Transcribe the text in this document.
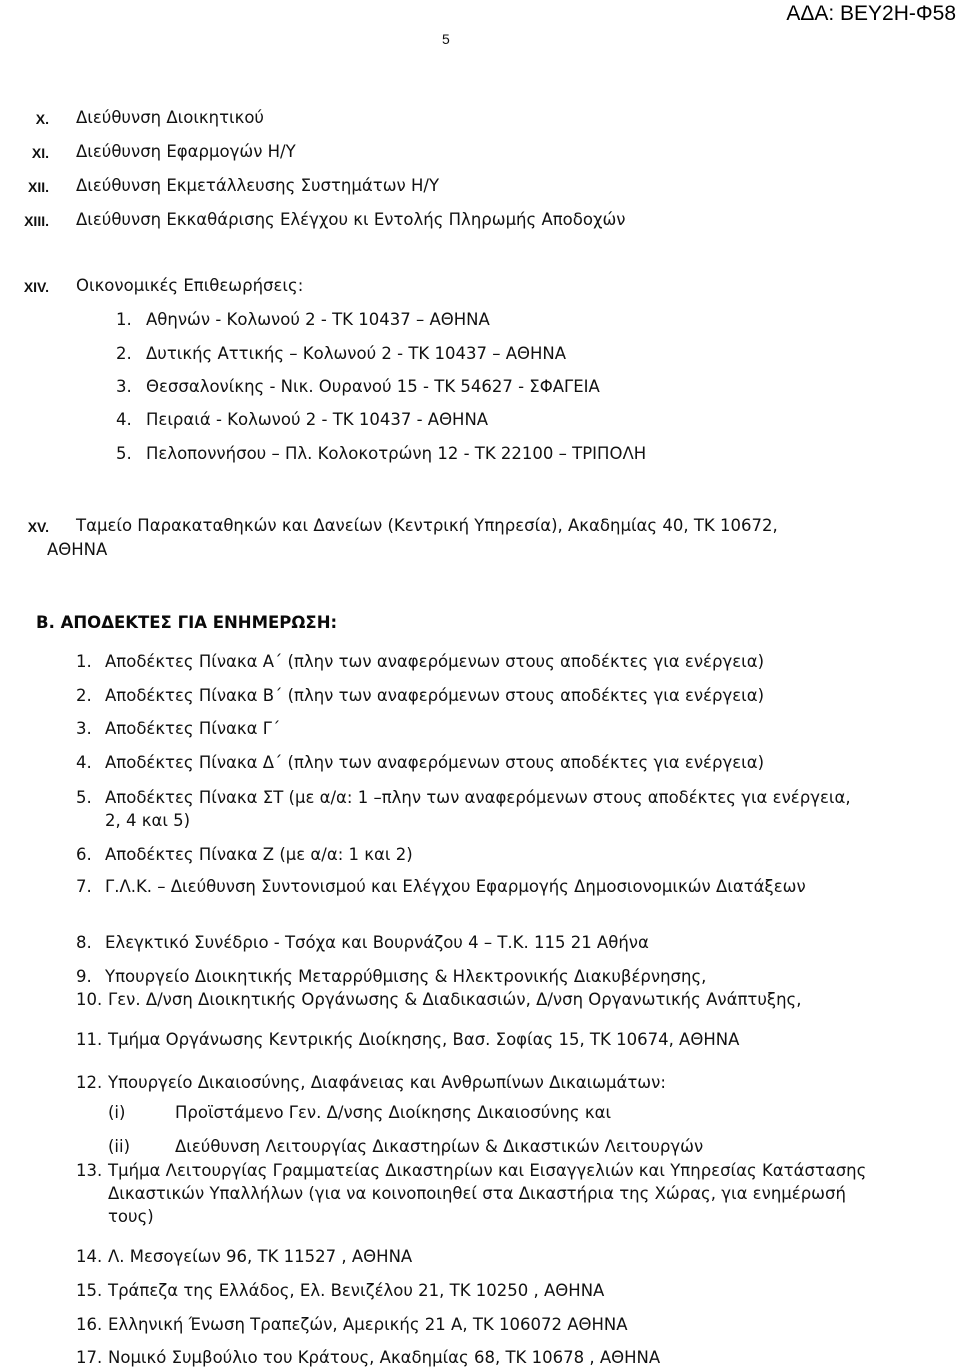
ΑΔΑ: ΒΕΥ2Η-Φ58
5
X. Διεύθυνση Διοικητικού
XI. Διεύθυνση Εφαρμογών Η/Υ
XII. Διεύθυνση Εκμετάλλευσης Συστημάτων Η/Υ
XIII. Διεύθυνση Εκκαθάρισης Ελέγχου κι Εντολής Πληρωμής Αποδοχών
XIV. Οικονομικές Επιθεωρήσεις:
1. Αθηνών - Κολωνού 2 - ΤΚ 10437 – ΑΘΗΝΑ
2. Δυτικής Αττικής – Κολωνού 2 - ΤΚ 10437 – ΑΘΗΝΑ
3. Θεσσαλονίκης - Νικ. Ουρανού 15 - ΤΚ 54627 - ΣΦΑΓΕΙΑ
4. Πειραιά - Κολωνού 2 - ΤΚ 10437 - ΑΘΗΝΑ
5. Πελοποννήσου – Πλ. Κολοκοτρώνη 12 - ΤΚ 22100 – ΤΡΙΠΟΛΗ
XV. Ταμείο Παρακαταθηκών και Δανείων (Κεντρική Υπηρεσία), Ακαδημίας 40, ΤΚ 10672,
ΑΘΗΝΑ
Β. ΑΠΟΔΕΚΤΕΣ ΓΙΑ ΕΝΗΜΕΡΩΣΗ:
1. Αποδέκτες Πίνακα Α΄ (πλην των αναφερόμενων στους αποδέκτες για ενέργεια)
2. Αποδέκτες Πίνακα Β΄ (πλην των αναφερόμενων στους αποδέκτες για ενέργεια)
3. Αποδέκτες Πίνακα Γ΄
4. Αποδέκτες Πίνακα Δ΄ (πλην των αναφερόμενων στους αποδέκτες για ενέργεια)
5. Αποδέκτες Πίνακα ΣΤ (με α/α: 1 –πλην των αναφερόμενων στους αποδέκτες για ενέργεια, 2, 4 και 5)
6. Αποδέκτες Πίνακα Ζ (με α/α: 1 και 2)
7. Γ.Λ.Κ. – Διεύθυνση Συντονισμού και Ελέγχου Εφαρμογής Δημοσιονομικών Διατάξεων
8. Ελεγκτικό Συνέδριο - Τσόχα και Βουρνάζου 4 – Τ.Κ. 115 21 Αθήνα
9. Υπουργείο Διοικητικής Μεταρρύθμισης & Ηλεκτρονικής Διακυβέρνησης,
10. Γεν. Δ/νση Διοικητικής Οργάνωσης & Διαδικασιών, Δ/νση Οργανωτικής Ανάπτυξης,
11. Τμήμα Οργάνωσης Κεντρικής Διοίκησης, Βασ. Σοφίας 15, ΤΚ 10674, ΑΘΗΝΑ
12. Υπουργείο Δικαιοσύνης, Διαφάνειας και Ανθρωπίνων Δικαιωμάτων:
(i)	Προϊστάμενο Γεν. Δ/νσης Διοίκησης Δικαιοσύνης και
(ii)	Διεύθυνση Λειτουργίας Δικαστηρίων & Δικαστικών Λειτουργών
13. Τμήμα Λειτουργίας Γραμματείας Δικαστηρίων και Εισαγγελιών και Υπηρεσίας Κατάστασης Δικαστικών Υπαλλήλων (για να κοινοποιηθεί στα Δικαστήρια της Χώρας, για ενημέρωσή τους)
14. Λ. Μεσογείων 96, ΤΚ 11527 , ΑΘΗΝΑ
15. Τράπεζα της Ελλάδος, Ελ. Βενιζέλου 21, ΤΚ 10250 , ΑΘΗΝΑ
16. Ελληνική Ένωση Τραπεζών, Αμερικής 21 Α, ΤΚ 106072 ΑΘΗΝΑ
17. Νομικό Συμβούλιο του Κράτους, Ακαδημίας 68, ΤΚ 10678 , ΑΘΗΝΑ
